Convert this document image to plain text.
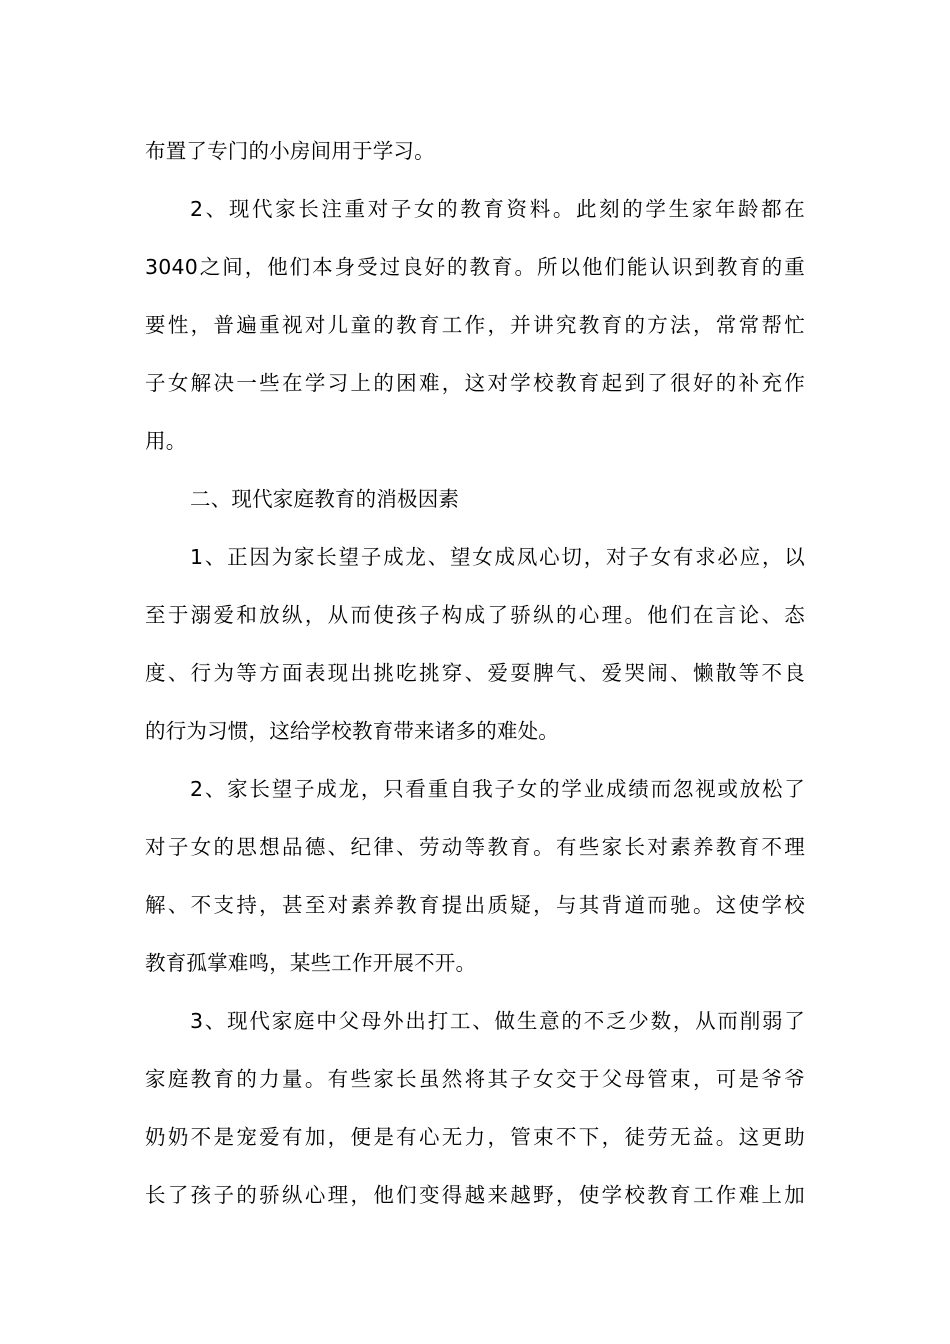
布置了专门的小房间用于学习。
2、现代家长注重对子女的教育资料。此刻的学生家年龄都在
3040之间，他们本身受过良好的教育。所以他们能认识到教育的重
要性，普遍重视对儿童的教育工作，并讲究教育的方法，常常帮忙
子女解决一些在学习上的困难，这对学校教育起到了很好的补充作
用。
二、现代家庭教育的消极因素
1、正因为家长望子成龙、望女成凤心切，对子女有求必应，以
至于溺爱和放纵，从而使孩子构成了骄纵的心理。他们在言论、态
度、行为等方面表现出挑吃挑穿、爱耍脾气、爱哭闹、懒散等不良
的行为习惯，这给学校教育带来诸多的难处。
2、家长望子成龙，只看重自我子女的学业成绩而忽视或放松了
对子女的思想品德、纪律、劳动等教育。有些家长对素养教育不理
解、不支持，甚至对素养教育提出质疑，与其背道而驰。这使学校
教育孤掌难鸣，某些工作开展不开。
3、现代家庭中父母外出打工、做生意的不乏少数，从而削弱了
家庭教育的力量。有些家长虽然将其子女交于父母管束，可是爷爷
奶奶不是宠爱有加，便是有心无力，管束不下，徒劳无益。这更助
长了孩子的骄纵心理，他们变得越来越野，使学校教育工作难上加
